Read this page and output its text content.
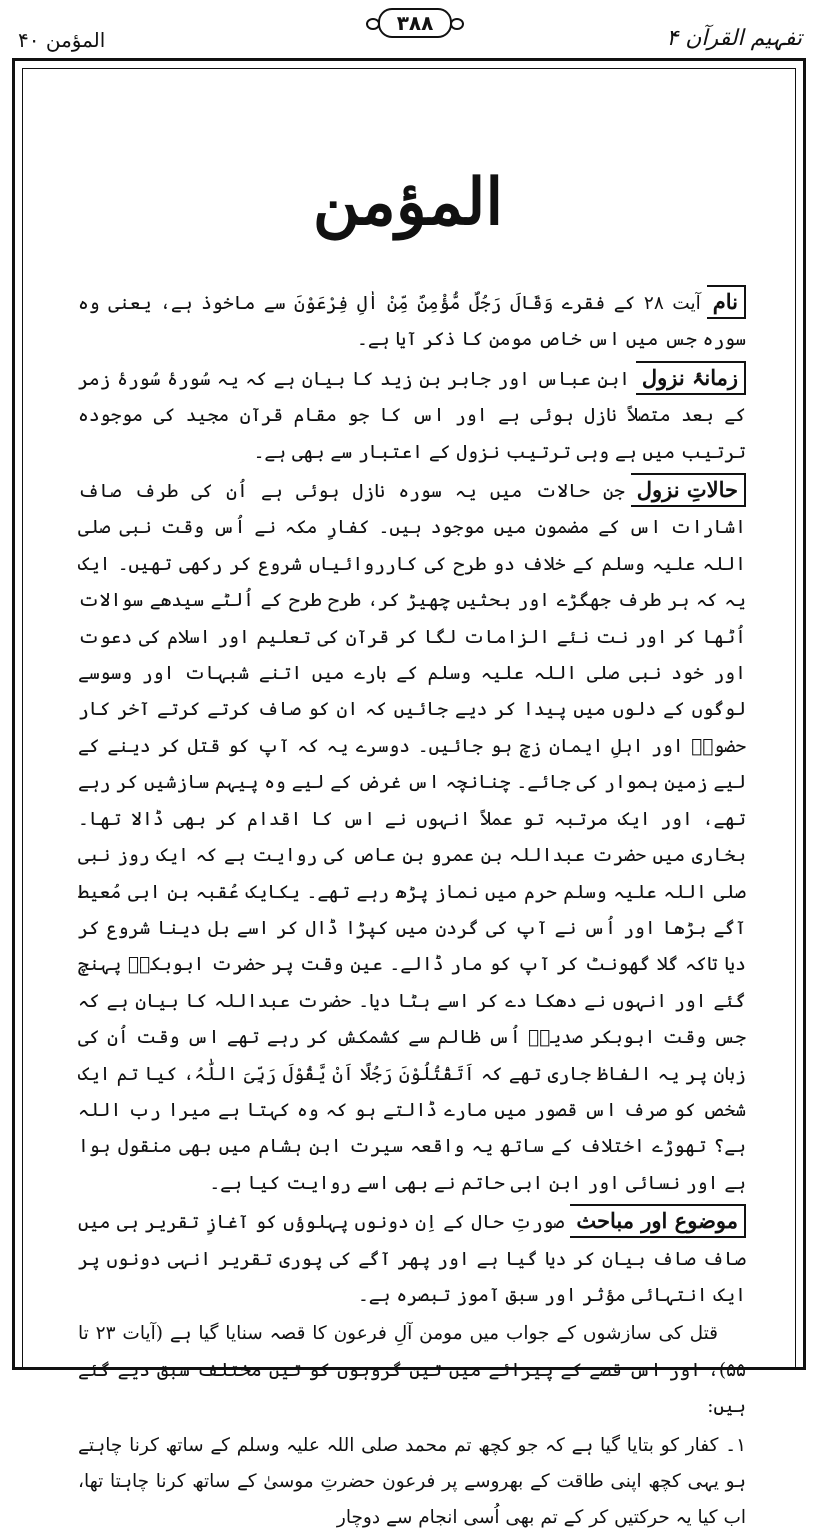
المؤمن ۴۰
۳۸۸
تفہیم القرآن ۴
المؤمن

نامآیت ۲۸ کے فقرے وَقَالَ رَجُلٌ مُّؤْمِنٌ مِّنْ اٰلِ فِرْعَوْنَ سے ماخوذ ہے، یعنی وہ سورہ جس میں اس خاص مومن کا ذکر آیا ہے۔

زمانۂ نزولابنِ عباس اور جابر بن زید کا بیان ہے کہ یہ سُورۂ سُورۂ زمر کے بعد متصلاً نازل ہوئی ہے اور اس کا جو مقام قرآن مجید کی موجودہ ترتیب میں ہے وہی ترتیب نزول کے اعتبار سے بھی ہے۔

حالاتِ نزولجن حالات میں یہ سورہ نازل ہوئی ہے اُن کی طرف صاف اشارات اس کے مضمون میں موجود ہیں۔ کفارِ مکہ نے اُس وقت نبی صلی اللہ علیہ وسلم کے خلاف دو طرح کی کارروائیاں شروع کر رکھی تھیں۔ ایک یہ کہ ہر طرف جھگڑے اور بحثیں چھیڑ کر، طرح طرح کے اُلٹے سیدھے سوالات اُٹھا کر اور نت نئے الزامات لگا کر قرآن کی تعلیم اور اسلام کی دعوت اور خود نبی صلی اللہ علیہ وسلم کے بارے میں اتنے شبہات اور وسوسے لوگوں کے دلوں میں پیدا کر دیے جائیں کہ ان کو صاف کرتے کرتے آخر کار حضورؐ اور اہلِ ایمان زچ ہو جائیں۔ دوسرے یہ کہ آپ کو قتل کر دینے کے لیے زمین ہموار کی جائے۔ چنانچہ اس غرض کے لیے وہ پیہم سازشیں کر رہے تھے، اور ایک مرتبہ تو عملاً انہوں نے اس کا اقدام کر بھی ڈالا تھا۔ بخاری میں حضرت عبداللہ بن عمرو بن عاص کی روایت ہے کہ ایک روز نبی صلی اللہ علیہ وسلم حرم میں نماز پڑھ رہے تھے۔ یکایک عُقبہ بن ابی مُعیط آگے بڑھا اور اُس نے آپ کی گردن میں کپڑا ڈال کر اسے بل دینا شروع کر دیا تاکہ گلا گھونٹ کر آپ کو مار ڈالے۔ عین وقت پر حضرت ابوبکرؓ پہنچ گئے اور انہوں نے دھکا دے کر اسے ہٹا دیا۔ حضرت عبداللہ کا بیان ہے کہ جس وقت ابوبکر صدیقؓ اُس ظالم سے کشمکش کر رہے تھے اس وقت اُن کی زبان پر یہ الفاظ جاری تھے کہ اَتَقْتُلُوْنَ رَجُلًا اَنْ یَّقُوْلَ رَبِّیَ اللّٰہُ، کیا تم ایک شخص کو صرف اس قصور میں مارے ڈالتے ہو کہ وہ کہتا ہے میرا رب اللہ ہے؟ تھوڑے اختلاف کے ساتھ یہ واقعہ سیرت ابن ہشام میں بھی منقول ہوا ہے اور نسائی اور ابن ابی حاتم نے بھی اسے روایت کیا ہے۔

موضوع اور مباحثصورتِ حال کے اِن دونوں پہلوؤں کو آغازِ تقریر ہی میں صاف صاف بیان کر دیا گیا ہے اور پھر آگے کی پوری تقریر انہی دونوں پر ایک انتہائی مؤثر اور سبق آموز تبصرہ ہے۔

قتل کی سازشوں کے جواب میں مومن آلِ فرعون کا قصہ سنایا گیا ہے (آیات ۲۳ تا ۵۵)، اور اس قصے کے پیرائے میں تین گروہوں کو تین مختلف سبق دیے گئے ہیں:

۱۔ کفار کو بتایا گیا ہے کہ جو کچھ تم محمد صلی اللہ علیہ وسلم کے ساتھ کرنا چاہتے ہو یہی کچھ اپنی طاقت کے بھروسے پر فرعون حضرتِ موسیٰ کے ساتھ کرنا چاہتا تھا، اب کیا یہ حرکتیں کر کے تم بھی اُسی انجام سے دوچار
